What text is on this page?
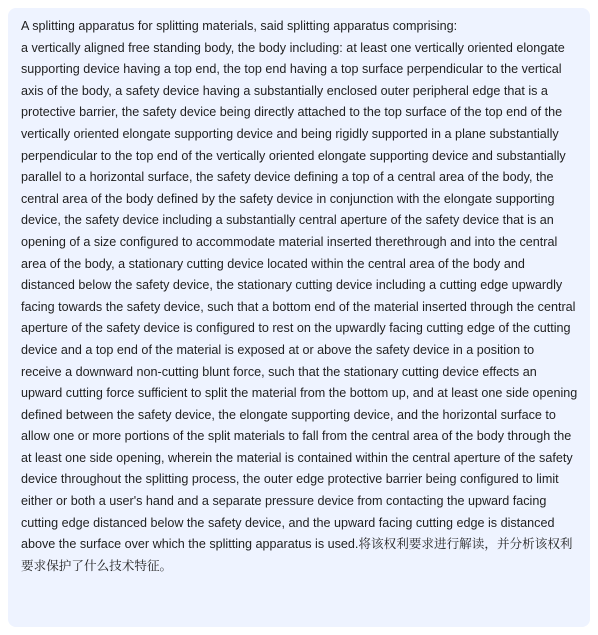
A splitting apparatus for splitting materials, said splitting apparatus comprising:
a vertically aligned free standing body, the body including: at least one vertically oriented elongate supporting device having a top end, the top end having a top surface perpendicular to the vertical axis of the body, a safety device having a substantially enclosed outer peripheral edge that is a protective barrier, the safety device being directly attached to the top surface of the top end of the vertically oriented elongate supporting device and being rigidly supported in a plane substantially perpendicular to the top end of the vertically oriented elongate supporting device and substantially parallel to a horizontal surface, the safety device defining a top of a central area of the body, the central area of the body defined by the safety device in conjunction with the elongate supporting device, the safety device including a substantially central aperture of the safety device that is an opening of a size configured to accommodate material inserted therethrough and into the central area of the body, a stationary cutting device located within the central area of the body and distanced below the safety device, the stationary cutting device including a cutting edge upwardly facing towards the safety device, such that a bottom end of the material inserted through the central aperture of the safety device is configured to rest on the upwardly facing cutting edge of the cutting device and a top end of the material is exposed at or above the safety device in a position to receive a downward non-cutting blunt force, such that the stationary cutting device effects an upward cutting force sufficient to split the material from the bottom up, and at least one side opening defined between the safety device, the elongate supporting device, and the horizontal surface to allow one or more portions of the split materials to fall from the central area of the body through the at least one side opening, wherein the material is contained within the central aperture of the safety device throughout the splitting process, the outer edge protective barrier being configured to limit either or both a user's hand and a separate pressure device from contacting the upward facing cutting edge distanced below the safety device, and the upward facing cutting edge is distanced above the surface over which the splitting apparatus is used.将该权利要求进行解读，并分析该权利要求保护了什么技术特征。
